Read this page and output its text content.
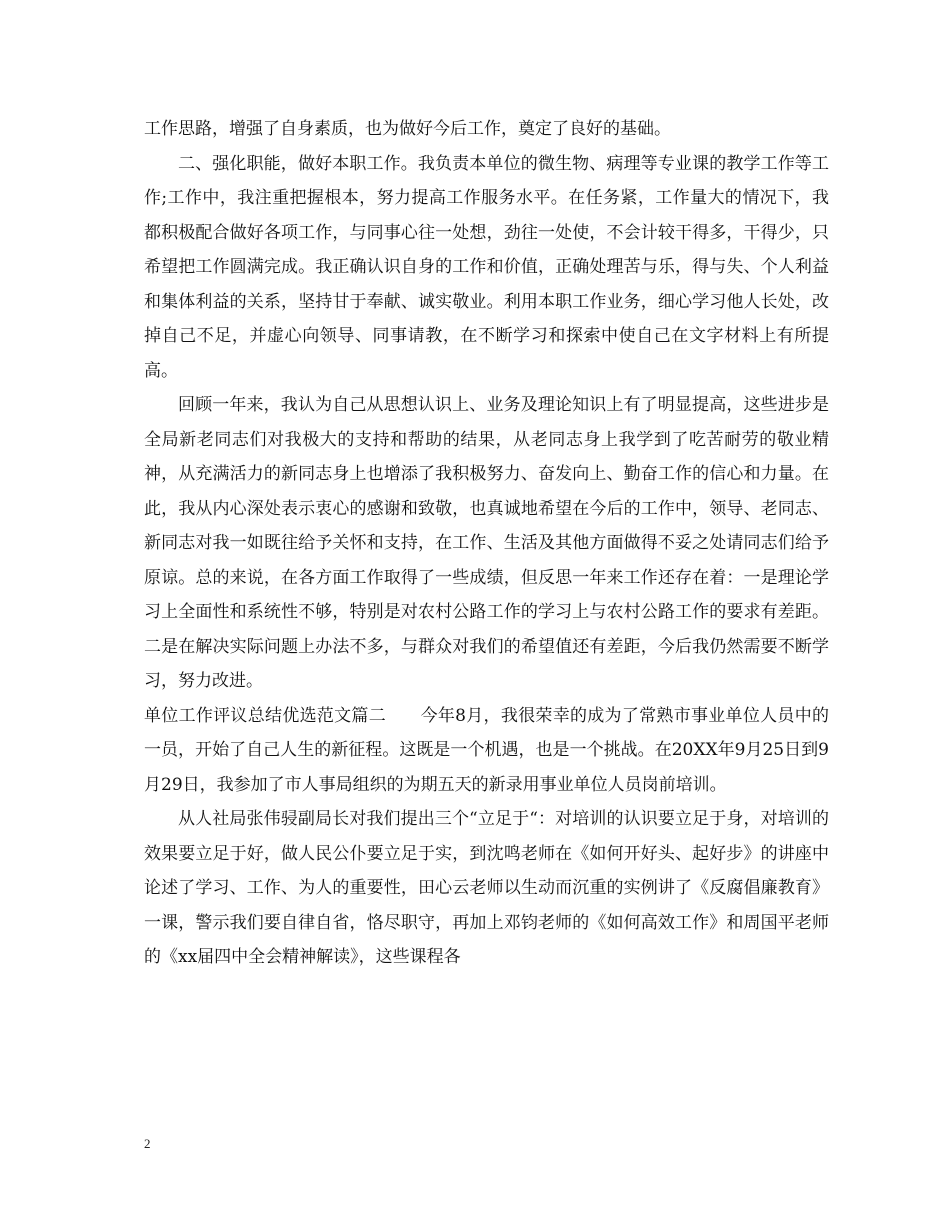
工作思路，增强了自身素质，也为做好今后工作，奠定了良好的基础。

二、强化职能，做好本职工作。我负责本单位的微生物、病理等专业课的教学工作等工作;工作中，我注重把握根本，努力提高工作服务水平。在任务紧，工作量大的情况下，我都积极配合做好各项工作，与同事心往一处想，劲往一处使，不会计较干得多，干得少，只希望把工作圆满完成。我正确认识自身的工作和价值，正确处理苦与乐，得与失、个人利益和集体利益的关系，坚持甘于奉献、诚实敬业。利用本职工作业务，细心学习他人长处，改掉自己不足，并虚心向领导、同事请教，在不断学习和探索中使自己在文字材料上有所提高。

回顾一年来，我认为自己从思想认识上、业务及理论知识上有了明显提高，这些进步是全局新老同志们对我极大的支持和帮助的结果，从老同志身上我学到了吃苦耐劳的敬业精神，从充满活力的新同志身上也增添了我积极努力、奋发向上、勤奋工作的信心和力量。在此，我从内心深处表示衷心的感谢和致敬，也真诚地希望在今后的工作中，领导、老同志、新同志对我一如既往给予关怀和支持，在工作、生活及其他方面做得不妥之处请同志们给予原谅。总的来说，在各方面工作取得了一些成绩，但反思一年来工作还存在着：一是理论学习上全面性和系统性不够，特别是对农村公路工作的学习上与农村公路工作的要求有差距。二是在解决实际问题上办法不多，与群众对我们的希望值还有差距，今后我仍然需要不断学习，努力改进。

单位工作评议总结优选范文篇二　　今年8月，我很荣幸的成为了常熟市事业单位人员中的一员，开始了自己人生的新征程。这既是一个机遇，也是一个挑战。在20XX年9月25日到9月29日，我参加了市人事局组织的为期五天的新录用事业单位人员岗前培训。

从人社局张伟骎副局长对我们提出三个“立足于“：对培训的认识要立足于身，对培训的效果要立足于好，做人民公仆要立足于实，到沈鸣老师在《如何开好头、起好步》的讲座中论述了学习、工作、为人的重要性，田心云老师以生动而沉重的实例讲了《反腐倡廉教育》一课，警示我们要自律自省，恪尽职守，再加上邓钧老师的《如何高效工作》和周国平老师的《xx届四中全会精神解读》，这些课程各

2
